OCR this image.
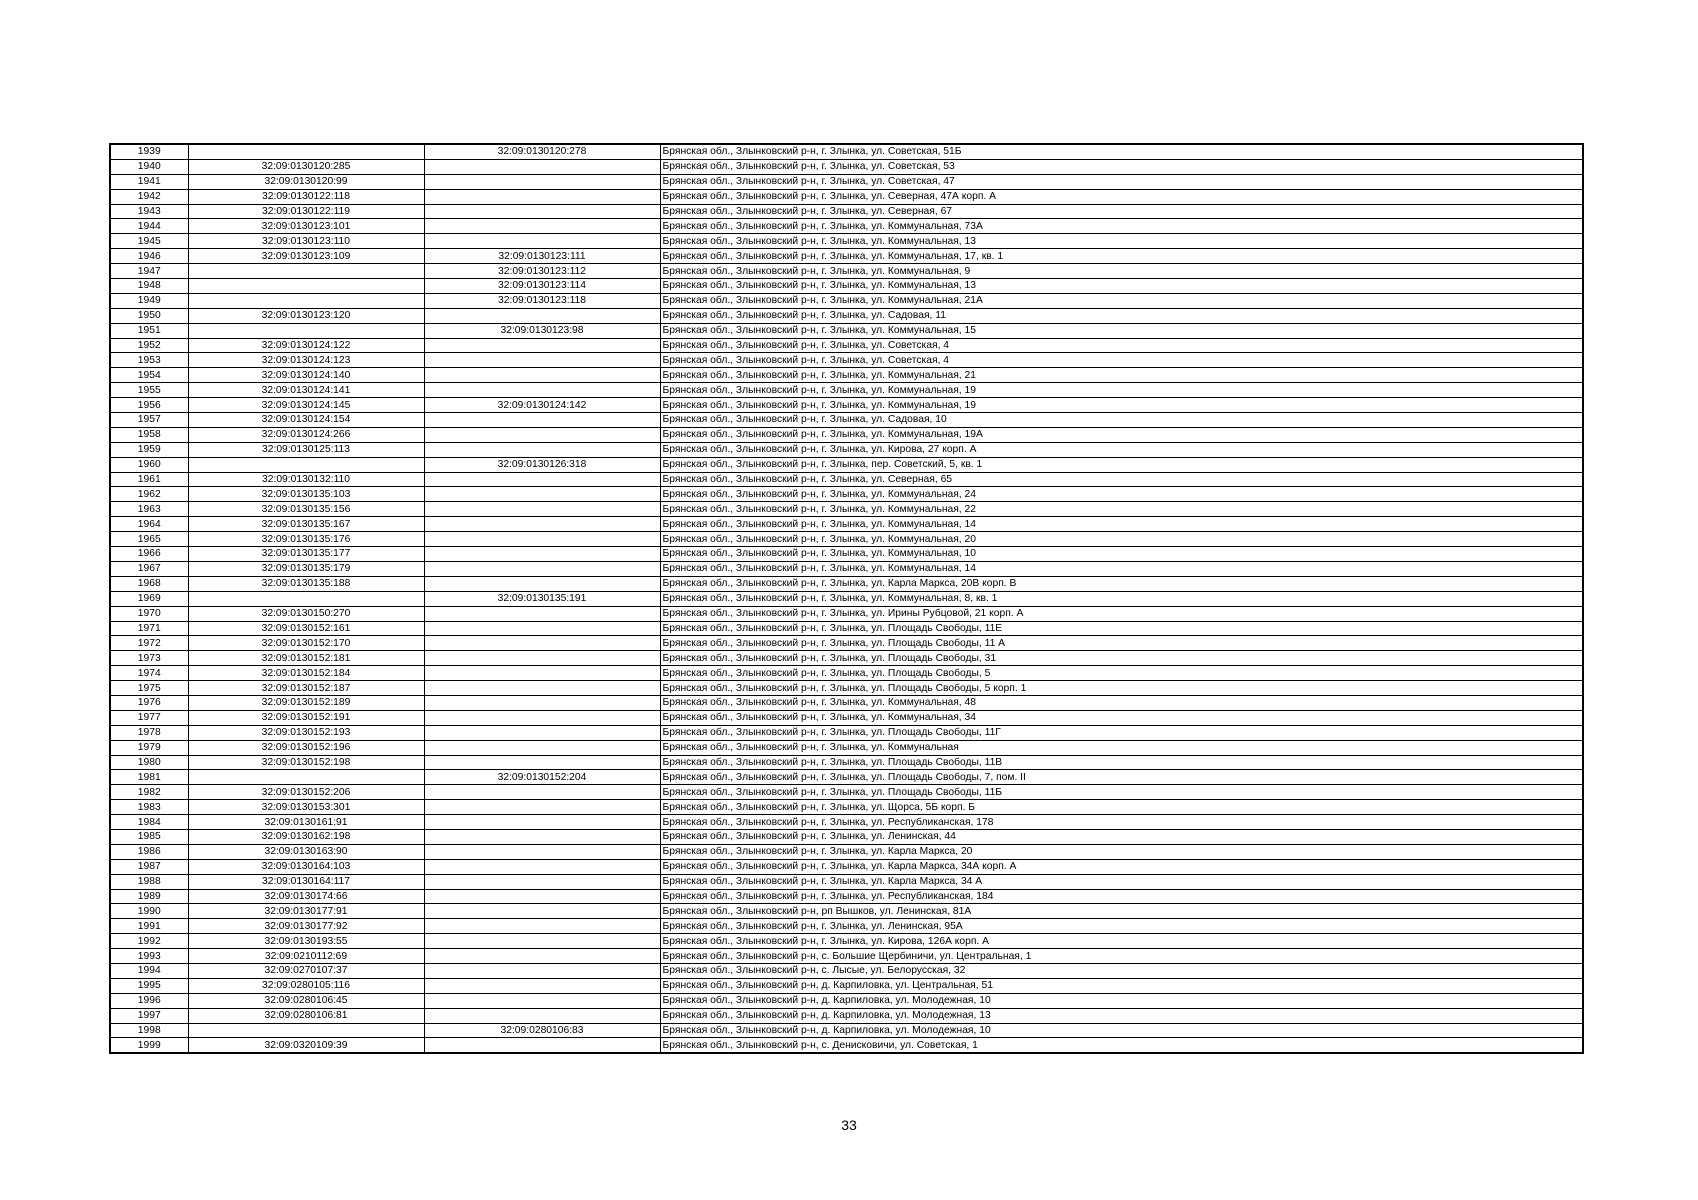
1939		32:09:0130120:278	Брянская обл., Злынковский р-н, г. Злынка, ул. Советская, 51Б
1940	32:09:0130120:285		Брянская обл., Злынковский р-н, г. Злынка, ул. Советская, 53
1941	32:09:0130120:99		Брянская обл., Злынковский р-н, г. Злынка, ул. Советская, 47
1942	32:09:0130122:118		Брянская обл., Злынковский р-н, г. Злынка, ул. Северная, 47А корп. А
1943	32:09:0130122:119		Брянская обл., Злынковский р-н, г. Злынка, ул. Северная, 67
1944	32:09:0130123:101		Брянская обл., Злынковский р-н, г. Злынка, ул. Коммунальная, 73А
1945	32:09:0130123:110		Брянская обл., Злынковский р-н, г. Злынка, ул. Коммунальная, 13
1946	32:09:0130123:109	32:09:0130123:111	Брянская обл., Злынковский р-н, г. Злынка, ул. Коммунальная, 17, кв. 1
1947		32:09:0130123:112	Брянская обл., Злынковский р-н, г. Злынка, ул. Коммунальная, 9
1948		32:09:0130123:114	Брянская обл., Злынковский р-н, г. Злынка, ул. Коммунальная, 13
1949		32:09:0130123:118	Брянская обл., Злынковский р-н, г. Злынка, ул. Коммунальная, 21А
1950	32:09:0130123:120		Брянская обл., Злынковский р-н, г. Злынка, ул. Садовая, 11
1951		32:09:0130123:98	Брянская обл., Злынковский р-н, г. Злынка, ул. Коммунальная, 15
1952	32:09:0130124:122		Брянская обл., Злынковский р-н, г. Злынка, ул. Советская, 4
1953	32:09:0130124:123		Брянская обл., Злынковский р-н, г. Злынка, ул. Советская, 4
1954	32:09:0130124:140		Брянская обл., Злынковский р-н, г. Злынка, ул. Коммунальная, 21
1955	32:09:0130124:141		Брянская обл., Злынковский р-н, г. Злынка, ул. Коммунальная, 19
1956	32:09:0130124:145	32:09:0130124:142	Брянская обл., Злынковский р-н, г. Злынка, ул. Коммунальная, 19
1957	32:09:0130124:154		Брянская обл., Злынковский р-н, г. Злынка, ул. Садовая, 10
1958	32:09:0130124:266		Брянская обл., Злынковский р-н, г. Злынка, ул. Коммунальная, 19А
1959	32:09:0130125:113		Брянская обл., Злынковский р-н, г. Злынка, ул. Кирова, 27 корп. А
1960		32:09:0130126:318	Брянская обл., Злынковский р-н, г. Злынка, пер. Советский, 5, кв. 1
1961	32:09:0130132:110		Брянская обл., Злынковский р-н, г. Злынка, ул. Северная, 65
1962	32:09:0130135:103		Брянская обл., Злынковский р-н, г. Злынка, ул. Коммунальная, 24
1963	32:09:0130135:156		Брянская обл., Злынковский р-н, г. Злынка, ул. Коммунальная, 22
1964	32:09:0130135:167		Брянская обл., Злынковский р-н, г. Злынка, ул. Коммунальная, 14
1965	32:09:0130135:176		Брянская обл., Злынковский р-н, г. Злынка, ул. Коммунальная, 20
1966	32:09:0130135:177		Брянская обл., Злынковский р-н, г. Злынка, ул. Коммунальная, 10
1967	32:09:0130135:179		Брянская обл., Злынковский р-н, г. Злынка, ул. Коммунальная, 14
1968	32:09:0130135:188		Брянская обл., Злынковский р-н, г. Злынка, ул. Карла Маркса, 20В корп. В
1969		32:09:0130135:191	Брянская обл., Злынковский р-н, г. Злынка, ул. Коммунальная, 8, кв. 1
1970	32:09:0130150:270		Брянская обл., Злынковский р-н, г. Злынка, ул. Ирины Рубцовой, 21 корп. А
1971	32:09:0130152:161		Брянская обл., Злынковский р-н, г. Злынка, ул. Площадь Свободы, 11Е
1972	32:09:0130152:170		Брянская обл., Злынковский р-н, г. Злынка, ул. Площадь Свободы, 11 А
1973	32:09:0130152:181		Брянская обл., Злынковский р-н, г. Злынка, ул. Площадь Свободы, 31
1974	32:09:0130152:184		Брянская обл., Злынковский р-н, г. Злынка, ул. Площадь Свободы, 5
1975	32:09:0130152:187		Брянская обл., Злынковский р-н, г. Злынка, ул. Площадь Свободы, 5 корп. 1
1976	32:09:0130152:189		Брянская обл., Злынковский р-н, г. Злынка, ул. Коммунальная, 48
1977	32:09:0130152:191		Брянская обл., Злынковский р-н, г. Злынка, ул. Коммунальная, 34
1978	32:09:0130152:193		Брянская обл., Злынковский р-н, г. Злынка, ул. Площадь Свободы, 11Г
1979	32:09:0130152:196		Брянская обл., Злынковский р-н, г. Злынка, ул. Коммунальная
1980	32:09:0130152:198		Брянская обл., Злынковский р-н, г. Злынка, ул. Площадь Свободы, 11В
1981		32:09:0130152:204	Брянская обл., Злынковский р-н, г. Злынка, ул. Площадь Свободы, 7, пом. II
1982	32:09:0130152:206		Брянская обл., Злынковский р-н, г. Злынка, ул. Площадь Свободы, 11Б
1983	32:09:0130153:301		Брянская обл., Злынковский р-н, г. Злынка, ул. Щорса, 5Б корп. Б
1984	32:09:0130161:91		Брянская обл., Злынковский р-н, г. Злынка, ул. Республиканская, 178
1985	32:09:0130162:198		Брянская обл., Злынковский р-н, г. Злынка, ул. Ленинская, 44
1986	32:09:0130163:90		Брянская обл., Злынковский р-н, г. Злынка, ул. Карла Маркса, 20
1987	32:09:0130164:103		Брянская обл., Злынковский р-н, г. Злынка, ул. Карла Маркса, 34А корп. А
1988	32:09:0130164:117		Брянская обл., Злынковский р-н, г. Злынка, ул. Карла Маркса, 34 А
1989	32:09:0130174:66		Брянская обл., Злынковский р-н, г. Злынка, ул. Республиканская, 184
1990	32:09:0130177:91		Брянская обл., Злынковский р-н, рп Вышков, ул. Ленинская, 81А
1991	32:09:0130177:92		Брянская обл., Злынковский р-н, г. Злынка, ул. Ленинская, 95А
1992	32:09:0130193:55		Брянская обл., Злынковский р-н, г. Злынка, ул. Кирова, 126А корп. А
1993	32:09:0210112:69		Брянская обл., Злынковский р-н, с. Большие Щербиничи, ул. Центральная, 1
1994	32:09:0270107:37		Брянская обл., Злынковский р-н, с. Лысые, ул. Белорусская, 32
1995	32:09:0280105:116		Брянская обл., Злынковский р-н, д. Карпиловка, ул. Центральная, 51
1996	32:09:0280106:45		Брянская обл., Злынковский р-н, д. Карпиловка, ул. Молодежная, 10
1997	32:09:0280106:81		Брянская обл., Злынковский р-н, д. Карпиловка, ул. Молодежная, 13
1998		32:09:0280106:83	Брянская обл., Злынковский р-н, д. Карпиловка, ул. Молодежная, 10
1999	32:09:0320109:39		Брянская обл., Злынковский р-н, с. Денисковичи, ул. Советская, 1
33
